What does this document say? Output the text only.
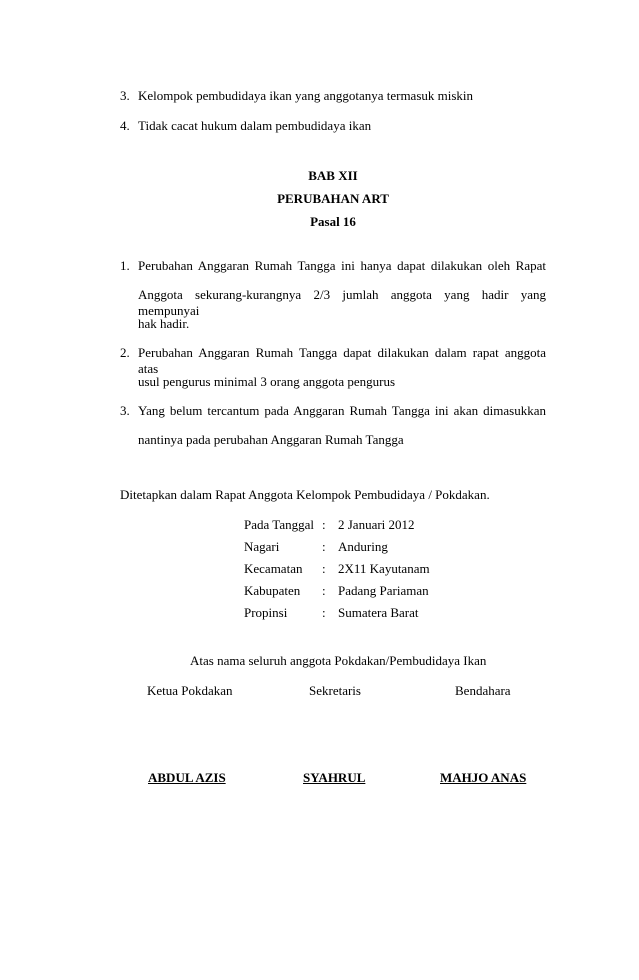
3. Kelompok pembudidaya ikan yang anggotanya termasuk miskin
4. Tidak cacat hukum dalam pembudidaya ikan
BAB XII
PERUBAHAN ART
Pasal 16
1. Perubahan Anggaran Rumah Tangga ini hanya dapat dilakukan oleh Rapat
Anggota sekurang-kurangnya 2/3 jumlah anggota yang hadir yang mempunyai
hak hadir.
2. Perubahan Anggaran Rumah Tangga dapat dilakukan dalam rapat anggota atas
usul pengurus minimal 3 orang anggota pengurus
3. Yang belum tercantum pada Anggaran Rumah Tangga ini akan dimasukkan
nantinya pada perubahan Anggaran Rumah Tangga
Ditetapkan dalam Rapat Anggota Kelompok Pembudidaya / Pokdakan.
Pada Tanggal : 2 Januari 2012
Nagari	: Anduring
Kecamatan : 2X11 Kayutanam
Kabupaten : Padang Pariaman
Propinsi	: Sumatera Barat
Atas nama seluruh anggota Pokdakan/Pembudidaya Ikan
Ketua Pokdakan	Sekretaris	Bendahara
ABDUL AZIS	SYAHRUL	MAHJO ANAS
